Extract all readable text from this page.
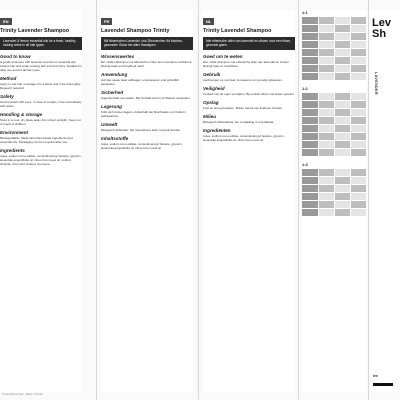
EN
Trinity Lavender Shampoo
Lavender & lemon essential oils for a fresh, healthy-looking shine in all hair types.
Good to know

A gentle shampoo with lavender and lemon essential oils. Cleans hair and scalp, leaving hair soft and shiny. Suitable for daily use and for all hair types.

Method

Apply to wet hair, massage into a lather and rinse thoroughly. Repeat if required.

Safety

Avoid contact with eyes. In case of contact, rinse immediately with water.

Handling & storage

Store in a cool, dry place away from direct sunlight. Keep out of reach of children.

Environment

Biodegradable. Made with plant-based ingredients and essential oils. Packaging can be recycled after use.

Ingredients

Aqua, sodium coco-sulfate, cocamidopropyl betaine, glycerin, lavandula angustifolia oil, citrus limon peel oil, sodium chloride, citric acid, linalool, limonene.

FR
Lavendel Shampoo Trinity
Mit ätherischen Lavendel- und Zitronenölen für frischen, gesunden Glanz bei allen Haartypen.
Wissenswertes

Ein mildes Shampoo mit ätherischen Ölen aus Lavendel und Zitrone. Reinigt Haar und Kopfhaut sanft.

Anwendung

Auf das nasse Haar auftragen, einmassieren und gründlich ausspülen.

Sicherheit

Augenkontakt vermeiden. Bei Kontakt sofort mit Wasser ausspülen.

Lagerung

Kühl und trocken lagern. Außerhalb der Reichweite von Kindern aufbewahren.

Umwelt

Biologisch abbaubar. Die Verpackung kann recycelt werden.

Inhaltsstoffe

Aqua, sodium coco-sulfate, cocamidopropyl betaine, glycerin, lavandula angustifolia oil, citrus limon peel oil.

NL
Trinity Lavendel Shampoo
Met etherische oliën van lavendel en citroen voor een frisse, gezonde glans.
Goed om te weten

Een milde shampoo met etherische oliën van lavendel en citroen. Reinigt haar en hoofdhuid.

Gebruik

Aanbrengen op nat haar, inmasseren en grondig uitspoelen.

Veiligheid

Contact met de ogen vermijden. Bij contact direct met water spoelen.

Opslag

Koel en droog bewaren. Buiten bereik van kinderen houden.

Milieu

Biologisch afbreekbaar. De verpakking is recyclebaar.

Ingrediënten

Aqua, sodium coco-sulfate, cocamidopropyl betaine, glycerin, lavandula angustifolia oil, citrus limon peel oil.

1:1
1:2
1:3
Lev
Sh
LAVENDER
lev
Trinity Natural Care · Made in the EU
